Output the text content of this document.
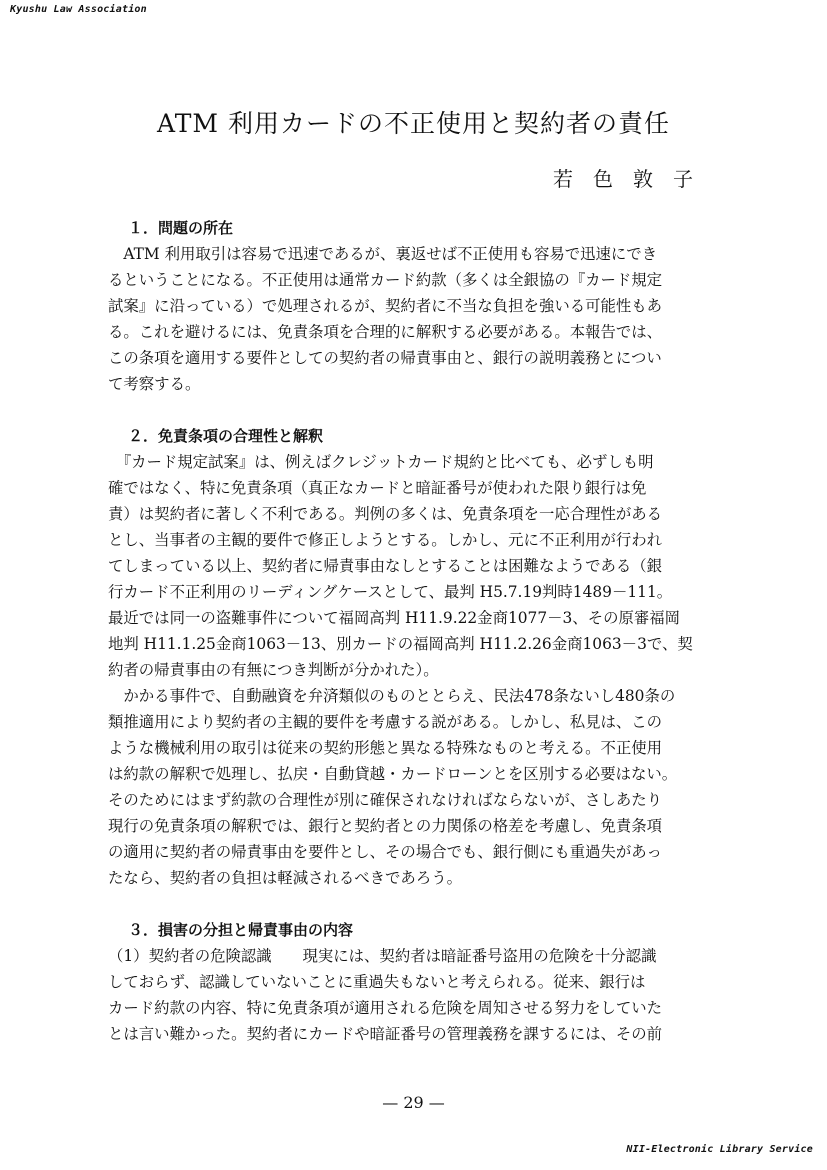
Kyushu Law Association
ATM 利用カードの不正使用と契約者の責任
若色敦子
１．問題の所在
　ATM 利用取引は容易で迅速であるが、裏返せば不正使用も容易で迅速にでき
るということになる。不正使用は通常カード約款（多くは全銀協の『カード規定
試案』に沿っている）で処理されるが、契約者に不当な負担を強いる可能性もあ
る。これを避けるには、免責条項を合理的に解釈する必要がある。本報告では、
この条項を適用する要件としての契約者の帰責事由と、銀行の説明義務とについ
て考察する。
２．免責条項の合理性と解釈
　『カード規定試案』は、例えばクレジットカード規約と比べても、必ずしも明
確ではなく、特に免責条項（真正なカードと暗証番号が使われた限り銀行は免
責）は契約者に著しく不利である。判例の多くは、免責条項を一応合理性がある
とし、当事者の主観的要件で修正しようとする。しかし、元に不正利用が行われ
てしまっている以上、契約者に帰責事由なしとすることは困難なようである（銀
行カード不正利用のリーディングケースとして、最判 H5.7.19判時1489－111。
最近では同一の盗難事件について福岡高判 H11.9.22金商1077－3、その原審福岡
地判 H11.1.25金商1063－13、別カードの福岡高判 H11.2.26金商1063－3で、契
約者の帰責事由の有無につき判断が分かれた）。
　かかる事件で、自動融資を弁済類似のものととらえ、民法478条ないし480条の
類推適用により契約者の主観的要件を考慮する説がある。しかし、私見は、この
ような機械利用の取引は従来の契約形態と異なる特殊なものと考える。不正使用
は約款の解釈で処理し、払戻・自動貸越・カードローンとを区別する必要はない。
そのためにはまず約款の合理性が別に確保されなければならないが、さしあたり
現行の免責条項の解釈では、銀行と契約者との力関係の格差を考慮し、免責条項
の適用に契約者の帰責事由を要件とし、その場合でも、銀行側にも重過失があっ
たなら、契約者の負担は軽減されるべきであろう。
３．損害の分担と帰責事由の内容
（1）契約者の危険認識　　現実には、契約者は暗証番号盗用の危険を十分認識
しておらず、認識していないことに重過失もないと考えられる。従来、銀行は
カード約款の内容、特に免責条項が適用される危険を周知させる努力をしていた
とは言い難かった。契約者にカードや暗証番号の管理義務を課するには、その前
— 29 —
NII-Electronic Library Service
